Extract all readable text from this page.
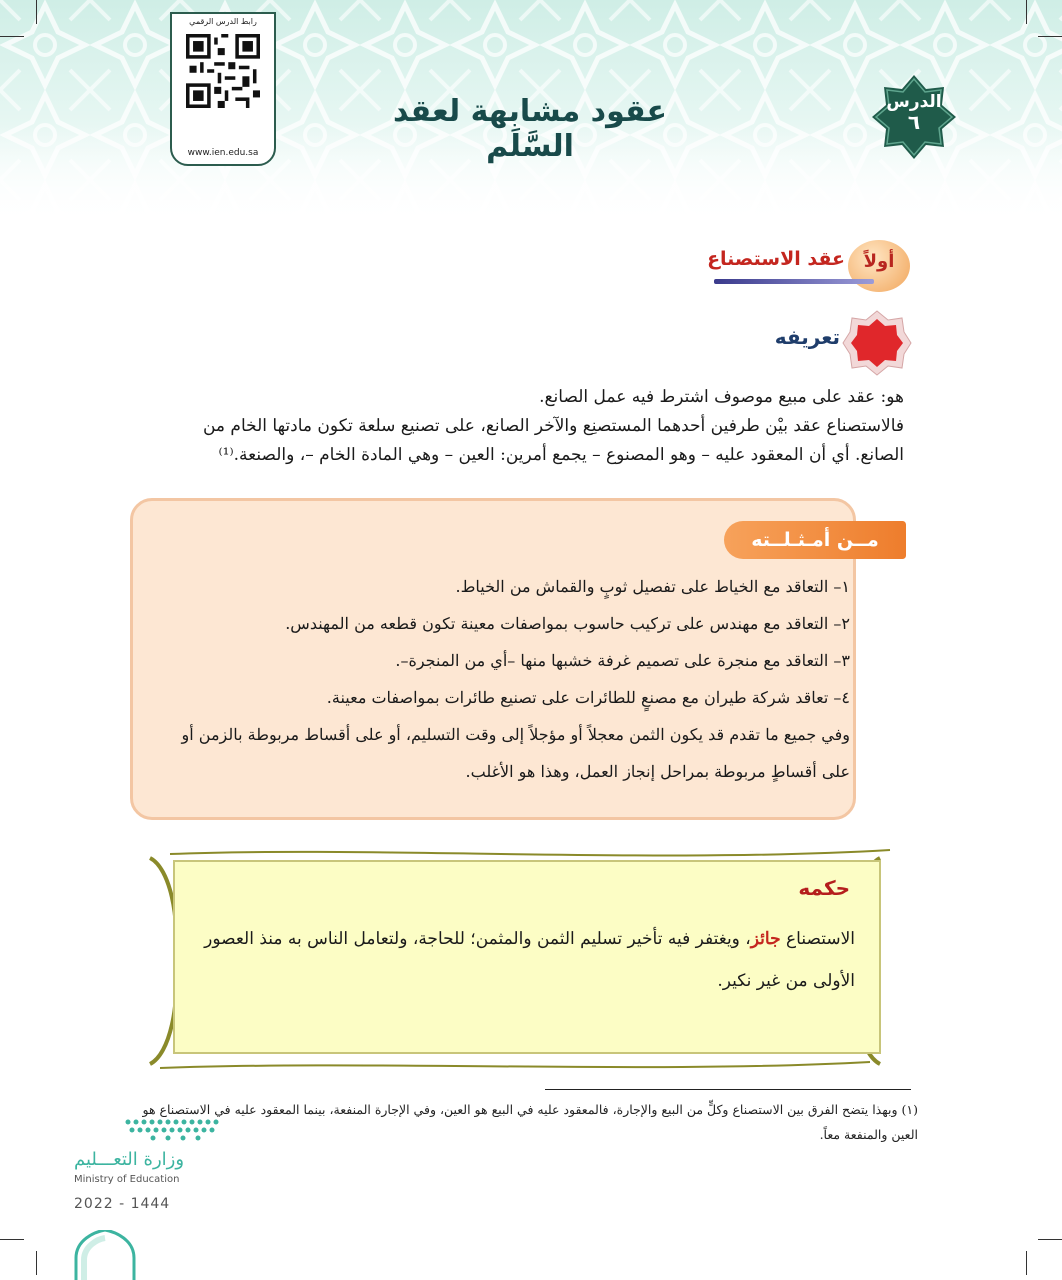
رابط الدرس الرقمي
www.ien.edu.sa
عقود مشابهة لعقد السَّلَم
الدرس
٦
أولاً
عقد الاستصناع
تعريفه

هو: عقد على مبيع موصوف اشترط فيه عمل الصانع.

فالاستصناع عقد بيْن طرفين أحدهما المستصنِع والآخر الصانع، على تصنيع سلعة تكون مادتها الخام من

الصانع. أي أن المعقود عليه – وهو المصنوع – يجمع أمرين: العين – وهي المادة الخام –، والصنعة.⁽¹⁾

مــن أمـثـلــته

١– التعاقد مع الخياط على تفصيل ثوبٍ والقماش من الخياط.

٢– التعاقد مع مهندس على تركيب حاسوب بمواصفات معينة تكون قطعه من المهندس.

٣– التعاقد مع منجرة على تصميم غرفة خشبها منها –أي من المنجرة–.

٤– تعاقد شركة طيران مع مصنعٍ للطائرات على تصنيع طائرات بمواصفات معينة.

وفي جميع ما تقدم قد يكون الثمن معجلاً أو مؤجلاً إلى وقت التسليم، أو على أقساط مربوطة بالزمن أو على أقساطٍ مربوطة بمراحل إنجاز العمل، وهذا هو الأغلب.

حكمه
الاستصناع جائز، ويغتفر فيه تأخير تسليم الثمن والمثمن؛ للحاجة، ولتعامل الناس به منذ العصور الأولى من غير نكير.
(١) وبهذا يتضح الفرق بين الاستصناع وكلٍّ من البيع والإجارة، فالمعقود عليه في البيع هو العين، وفي الإجارة المنفعة، بينما المعقود عليه في الاستصناع هو العين والمنفعة معاً.
وزارة التعـــليم
Ministry of Education
2022 - 1444
